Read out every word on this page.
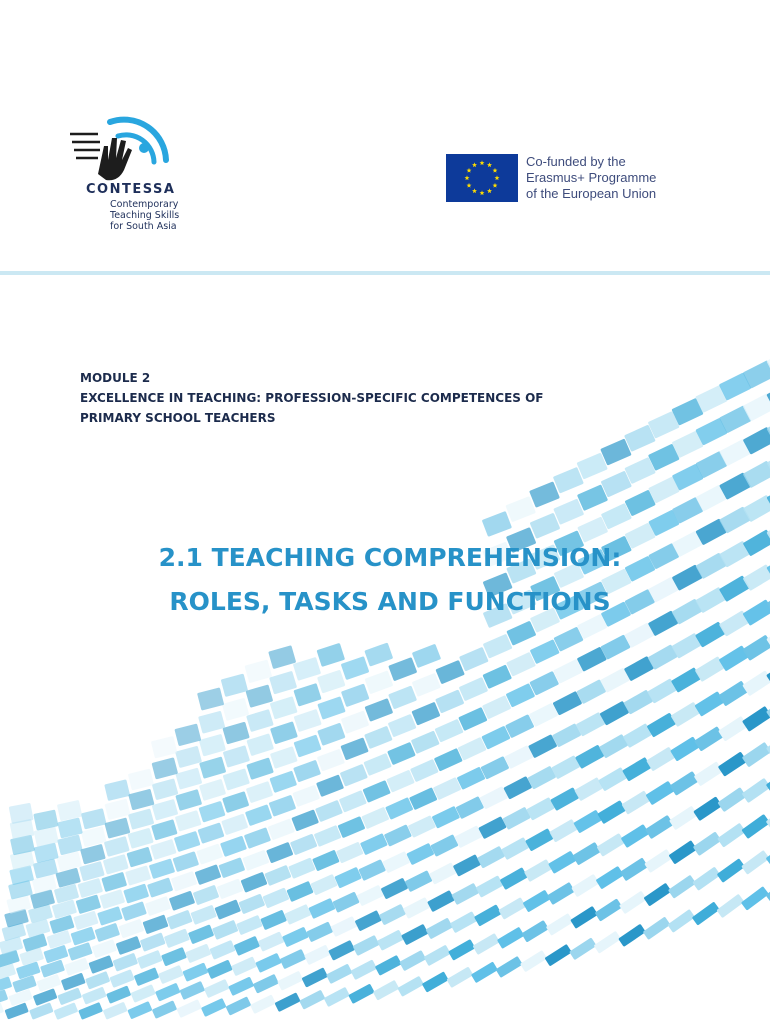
CONTESSA
Contemporary
Teaching Skills
for South Asia
Co-funded by the
Erasmus+ Programme
of the European Union
MODULE 2
EXCELLENCE IN TEACHING: PROFESSION-SPECIFIC COMPETENCES OF
PRIMARY SCHOOL TEACHERS
2.1 TEACHING COMPREHENSION:
ROLES, TASKS AND FUNCTIONS
